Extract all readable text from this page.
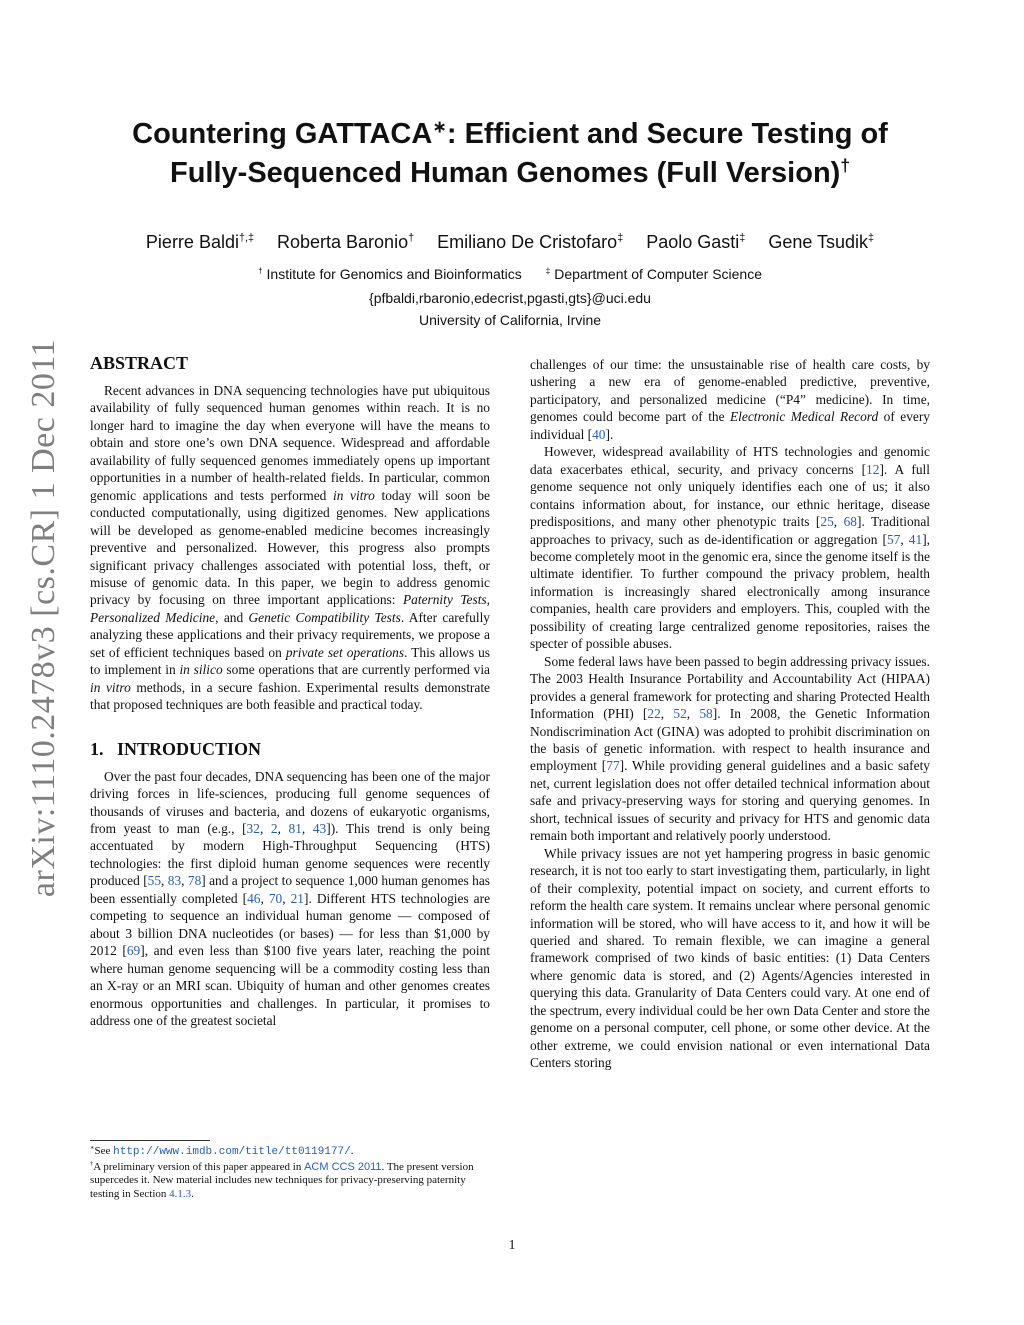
arXiv:1110.2478v3 [cs.CR] 1 Dec 2011
Countering GATTACA∗: Efficient and Secure Testing of
Fully-Sequenced Human Genomes (Full Version)†
Pierre Baldi†,‡ Roberta Baronio† Emiliano De Cristofaro‡ Paolo Gasti‡ Gene Tsudik‡
† Institute for Genomics and Bioinformatics	‡ Department of Computer Science
{pfbaldi,rbaronio,edecrist,pgasti,gts}@uci.edu
University of California, Irvine
ABSTRACT

Recent advances in DNA sequencing technologies have put ubiquitous availability of fully sequenced human genomes within reach. It is no longer hard to imagine the day when everyone will have the means to obtain and store one’s own DNA sequence. Widespread and affordable availability of fully sequenced genomes immediately opens up important opportunities in a number of health-related fields. In particular, common genomic applications and tests performed in vitro today will soon be conducted computationally, using digitized genomes. New applications will be developed as genome-enabled medicine becomes increasingly preventive and personalized. However, this progress also prompts significant privacy challenges associated with potential loss, theft, or misuse of genomic data. In this paper, we begin to address genomic privacy by focusing on three important applications: Paternity Tests, Personalized Medicine, and Genetic Compatibility Tests. After carefully analyzing these applications and their privacy requirements, we propose a set of efficient techniques based on private set operations. This allows us to implement in in silico some operations that are currently performed via in vitro methods, in a secure fashion. Experimental results demonstrate that proposed techniques are both feasible and practical today.

1.   INTRODUCTION

Over the past four decades, DNA sequencing has been one of the major driving forces in life-sciences, producing full genome sequences of thousands of viruses and bacteria, and dozens of eukaryotic organisms, from yeast to man (e.g., [32, 2, 81, 43]). This trend is only being accentuated by modern High-Throughput Sequencing (HTS) technologies: the first diploid human genome sequences were recently produced [55, 83, 78] and a project to sequence 1,000 human genomes has been essentially completed [46, 70, 21]. Different HTS technologies are competing to sequence an individual human genome — composed of about 3 billion DNA nucleotides (or bases) — for less than $1,000 by 2012 [69], and even less than $100 five years later, reaching the point where human genome sequencing will be a commodity costing less than an X-ray or an MRI scan. Ubiquity of human and other genomes creates enormous opportunities and challenges. In particular, it promises to address one of the greatest societal

challenges of our time: the unsustainable rise of health care costs, by ushering a new era of genome-enabled predictive, preventive, participatory, and personalized medicine (“P4” medicine). In time, genomes could become part of the Electronic Medical Record of every individual [40].

However, widespread availability of HTS technologies and genomic data exacerbates ethical, security, and privacy concerns [12]. A full genome sequence not only uniquely identifies each one of us; it also contains information about, for instance, our ethnic heritage, disease predispositions, and many other phenotypic traits [25, 68]. Traditional approaches to privacy, such as de-identification or aggregation [57, 41], become completely moot in the genomic era, since the genome itself is the ultimate identifier. To further compound the privacy problem, health information is increasingly shared electronically among insurance companies, health care providers and employers. This, coupled with the possibility of creating large centralized genome repositories, raises the specter of possible abuses.

Some federal laws have been passed to begin addressing privacy issues. The 2003 Health Insurance Portability and Accountability Act (HIPAA) provides a general framework for protecting and sharing Protected Health Information (PHI) [22, 52, 58]. In 2008, the Genetic Information Nondiscrimination Act (GINA) was adopted to prohibit discrimination on the basis of genetic information. with respect to health insurance and employment [77]. While providing general guidelines and a basic safety net, current legislation does not offer detailed technical information about safe and privacy-preserving ways for storing and querying genomes. In short, technical issues of security and privacy for HTS and genomic data remain both important and relatively poorly understood.

While privacy issues are not yet hampering progress in basic genomic research, it is not too early to start investigating them, particularly, in light of their complexity, potential impact on society, and current efforts to reform the health care system. It remains unclear where personal genomic information will be stored, who will have access to it, and how it will be queried and shared. To remain flexible, we can imagine a general framework comprised of two kinds of basic entities: (1) Data Centers where genomic data is stored, and (2) Agents/Agencies interested in querying this data. Granularity of Data Centers could vary. At one end of the spectrum, every individual could be her own Data Center and store the genome on a personal computer, cell phone, or some other device. At the other extreme, we could envision national or even international Data Centers storing

∗See http://www.imdb.com/title/tt0119177/.
†A preliminary version of this paper appeared in ACM CCS 2011. The present version supercedes it. New material includes new techniques for privacy-preserving paternity testing in Section 4.1.3.
1
